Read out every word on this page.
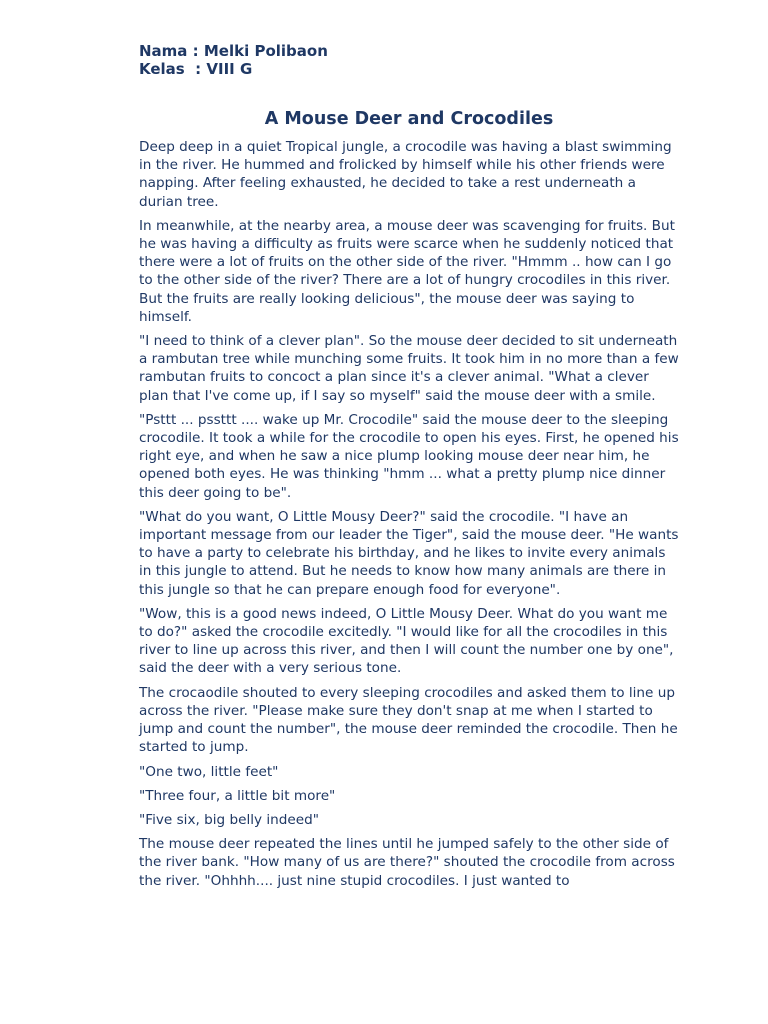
Nama : Melki Polibaon
Kelas  : VIII G
A Mouse Deer and Crocodiles

Deep deep in a quiet Tropical jungle, a crocodile was having a blast swimming in the river. He hummed and frolicked by himself while his other friends were napping. After feeling exhausted, he decided to take a rest underneath a durian tree.

In meanwhile, at the nearby area, a mouse deer was scavenging for fruits. But he was having a difficulty as fruits were scarce when he suddenly noticed that there were a lot of fruits on the other side of the river. "Hmmm .. how can I go to the other side of the river? There are a lot of hungry crocodiles in this river. But the fruits are really looking delicious", the mouse deer was saying to himself.

"I need to think of a clever plan". So the mouse deer decided to sit underneath a rambutan tree while munching some fruits. It took him in no more than a few rambutan fruits to concoct a plan since it's a clever animal. "What a clever plan that I've come up, if I say so myself" said the mouse deer with a smile.

"Psttt ... pssttt .... wake up Mr. Crocodile" said the mouse deer to the sleeping crocodile. It took a while for the crocodile to open his eyes. First, he opened his right eye, and when he saw a nice plump looking mouse deer near him, he opened both eyes. He was thinking "hmm ... what a pretty plump nice dinner this deer going to be".

"What do you want, O Little Mousy Deer?" said the crocodile. "I have an important message from our leader the Tiger", said the mouse deer. "He wants to have a party to celebrate his birthday, and he likes to invite every animals in this jungle to attend. But he needs to know how many animals are there in this jungle so that he can prepare enough food for everyone".

"Wow, this is a good news indeed, O Little Mousy Deer. What do you want me to do?" asked the crocodile excitedly. "I would like for all the crocodiles in this river to line up across this river, and then I will count the number one by one", said the deer with a very serious tone.

The crocaodile shouted to every sleeping crocodiles and asked them to line up across the river. "Please make sure they don't snap at me when I started to jump and count the number", the mouse deer reminded the crocodile. Then he started to jump.

"One two, little feet"

"Three four, a little bit more"

"Five six, big belly indeed"

The mouse deer repeated the lines until he jumped safely to the other side of the river bank. "How many of us are there?" shouted the crocodile from across the river. "Ohhhh.... just nine stupid crocodiles. I just wanted to
